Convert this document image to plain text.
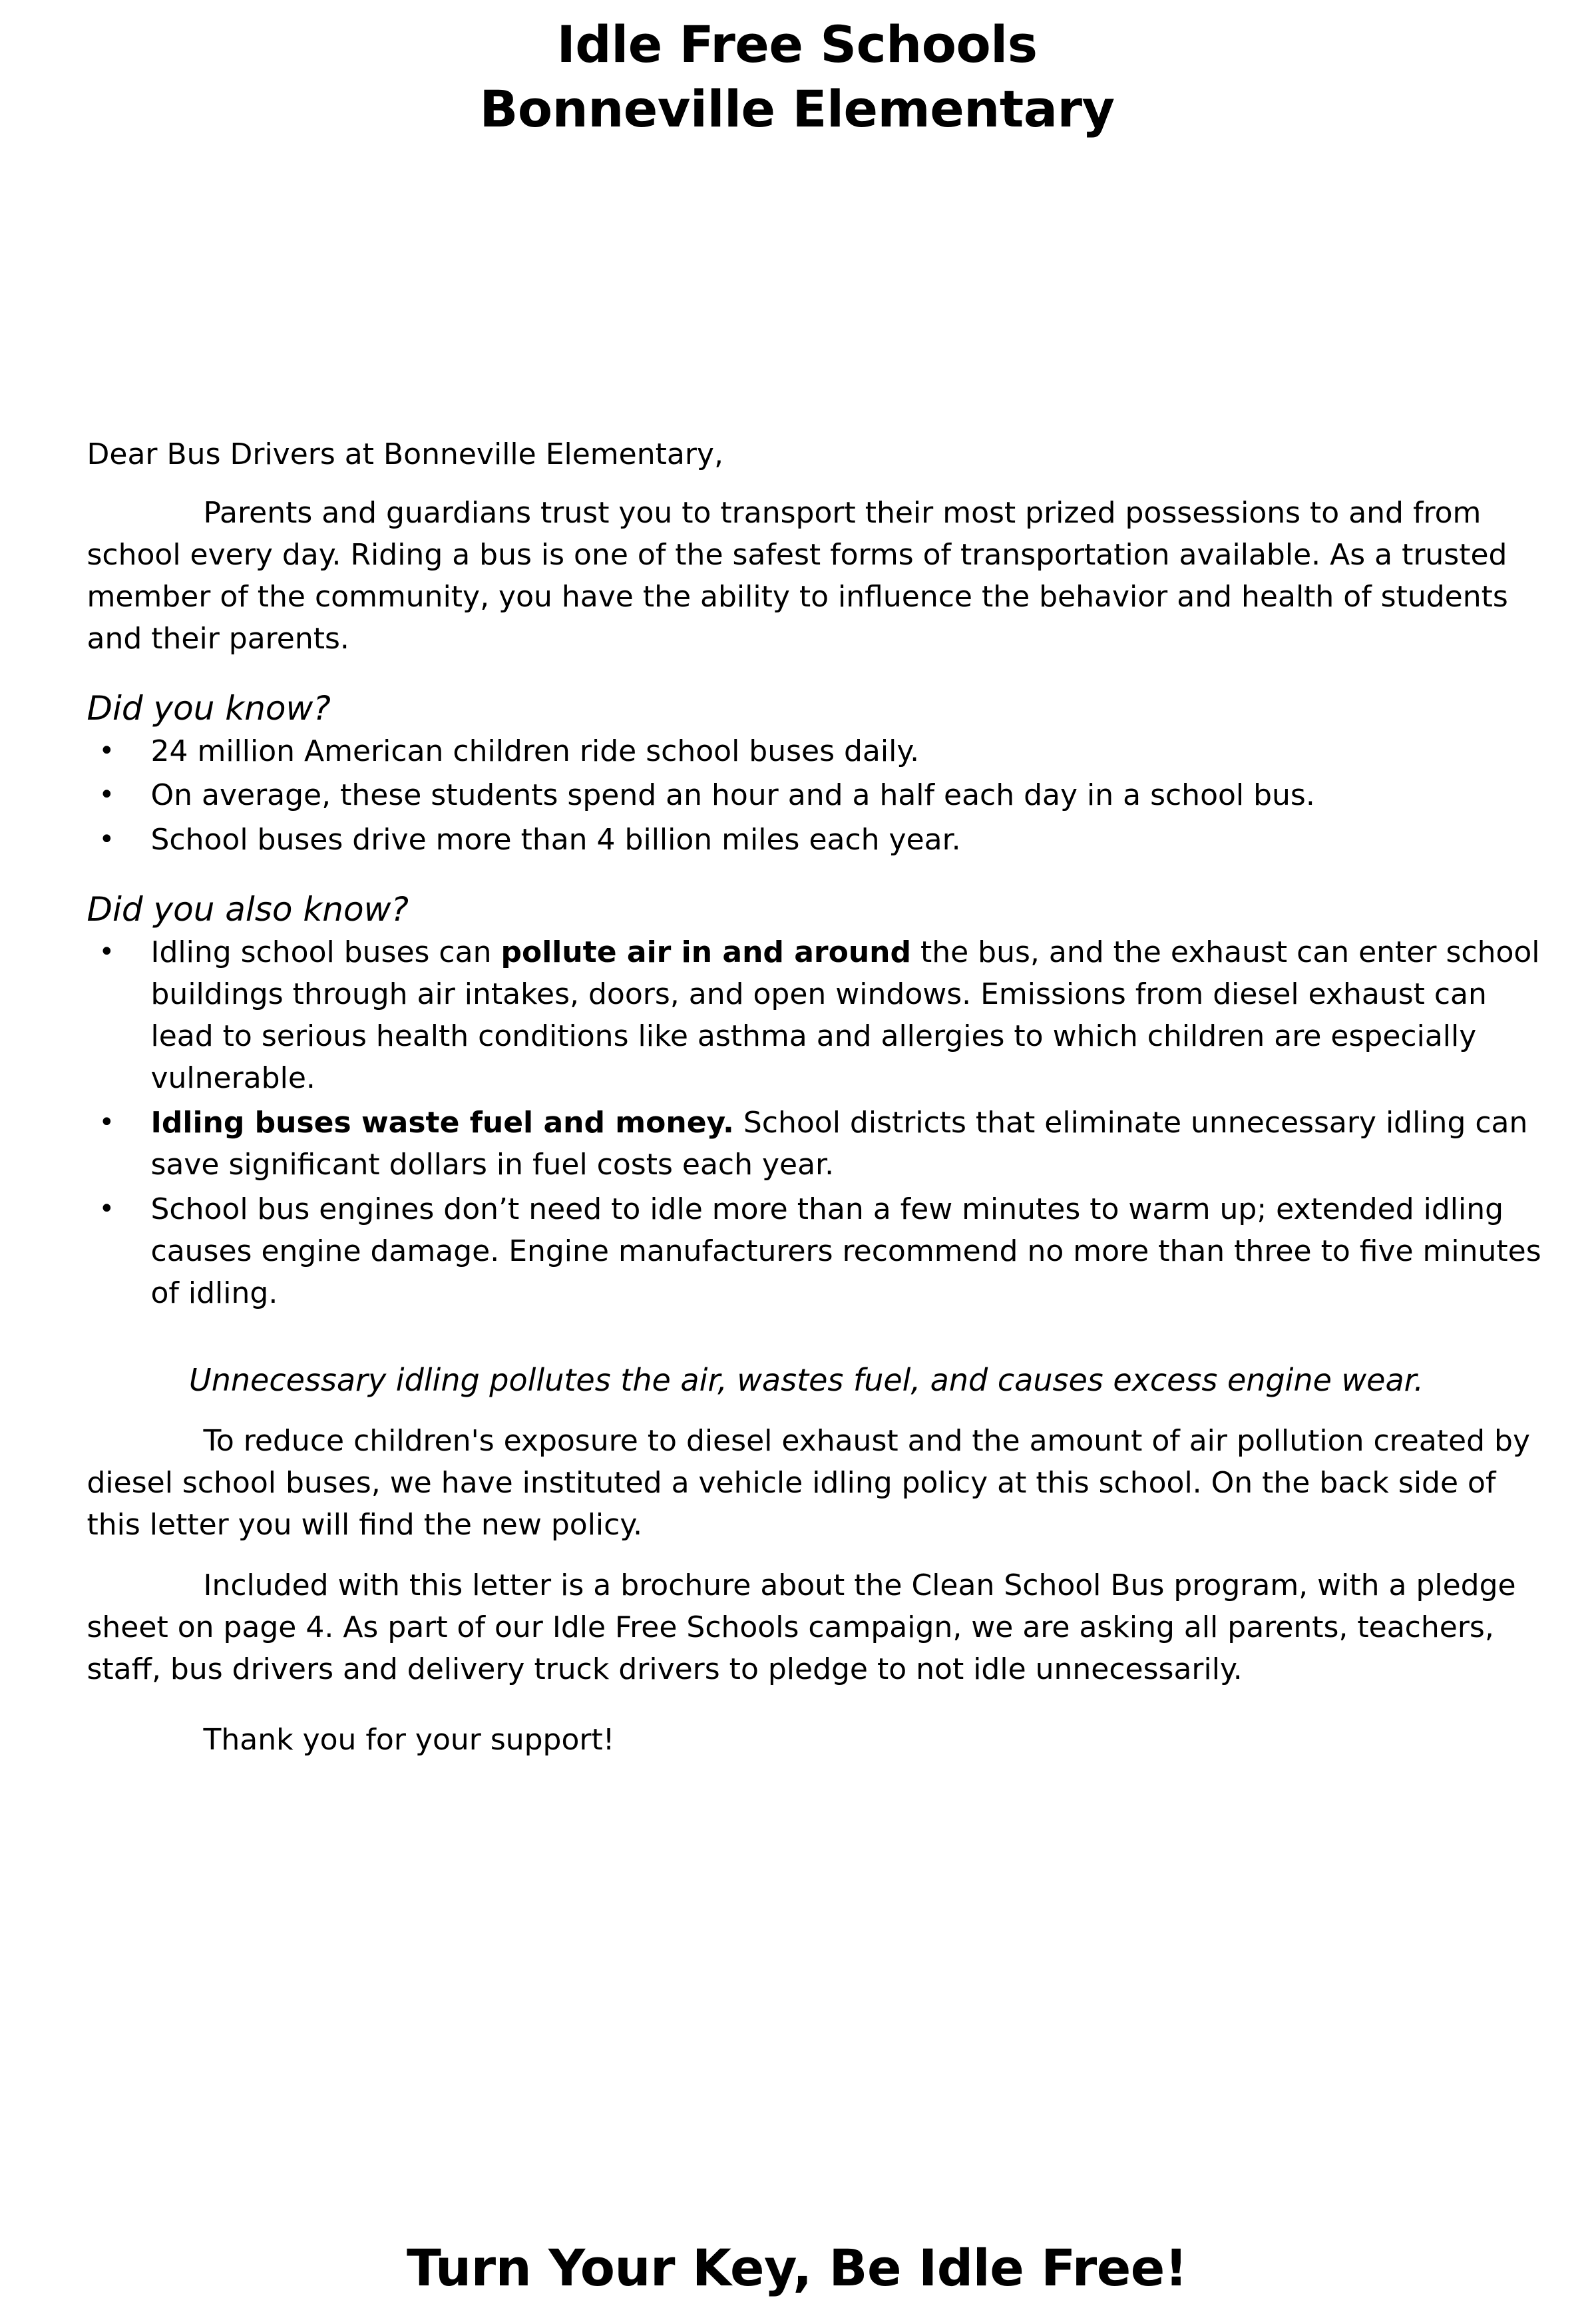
Idle Free Schools
Bonneville Elementary
Dear Bus Drivers at Bonneville Elementary,

Parents and guardians trust you to transport their most prized possessions to and from school every day. Riding a bus is one of the safest forms of transportation available. As a trusted member of the community, you have the ability to influence the behavior and health of students and their parents.

Did you know?
• 24 million American children ride school buses daily.
• On average, these students spend an hour and a half each day in a school bus.
• School buses drive more than 4 billion miles each year.
Did you also know?
• Idling school buses can pollute air in and around the bus, and the exhaust can enter school buildings through air intakes, doors, and open windows. Emissions from diesel exhaust can lead to serious health conditions like asthma and allergies to which children are especially vulnerable.
• Idling buses waste fuel and money. School districts that eliminate unnecessary idling can save significant dollars in fuel costs each year.
• School bus engines don’t need to idle more than a few minutes to warm up; extended idling causes engine damage. Engine manufacturers recommend no more than three to five minutes of idling.

Unnecessary idling pollutes the air, wastes fuel, and causes excess engine wear.

To reduce children's exposure to diesel exhaust and the amount of air pollution created by diesel school buses, we have instituted a vehicle idling policy at this school. On the back side of this letter you will find the new policy.

Included with this letter is a brochure about the Clean School Bus program, with a pledge sheet on page 4. As part of our Idle Free Schools campaign, we are asking all parents, teachers, staff, bus drivers and delivery truck drivers to pledge to not idle unnecessarily.

Thank you for your support!

Turn Your Key, Be Idle Free!
